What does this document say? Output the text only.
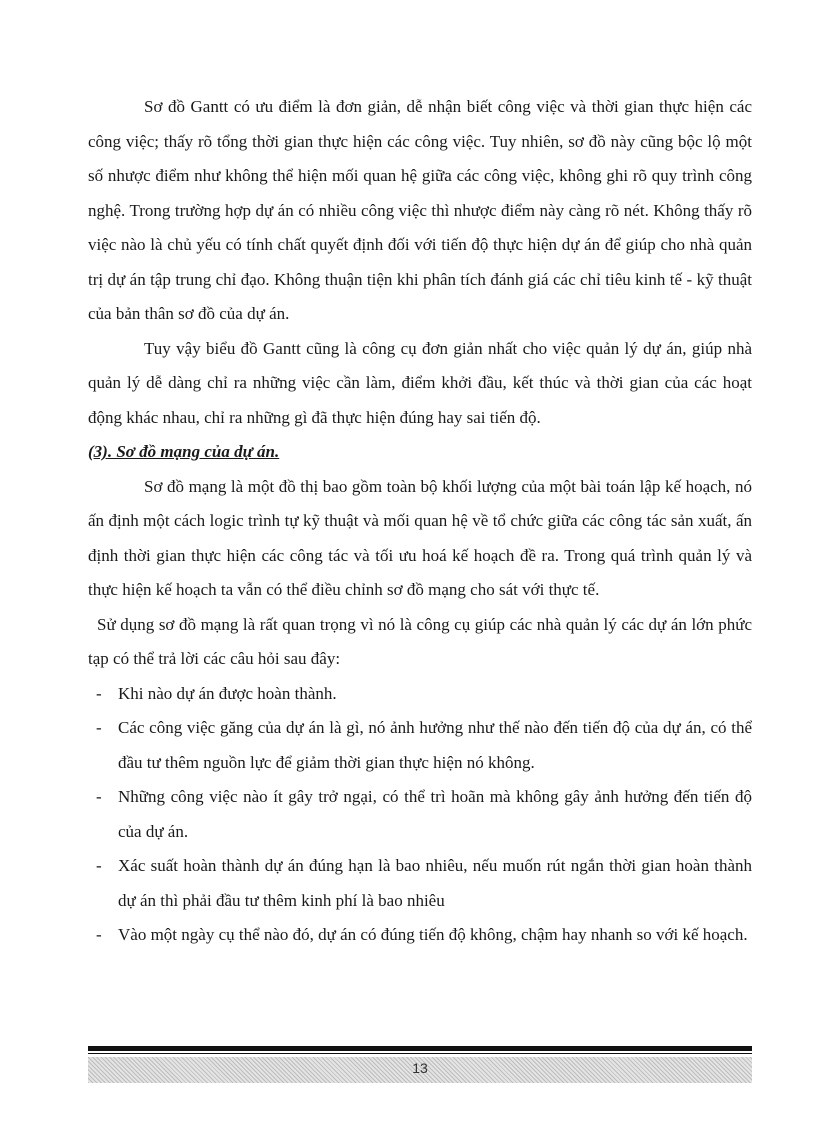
Sơ đồ Gantt có ưu điểm là đơn giản, dễ nhận biết công việc và thời gian thực hiện các công việc; thấy rõ tổng thời gian thực hiện các công việc. Tuy nhiên, sơ đồ này cũng bộc lộ một số nhược điểm như không thể hiện mối quan hệ giữa các công việc, không ghi rõ quy trình công nghệ. Trong trường hợp dự án có nhiều công việc thì nhược điểm này càng rõ nét. Không thấy rõ việc nào là chủ yếu có tính chất quyết định đối với tiến độ thực hiện dự án để giúp cho nhà quản trị dự án tập trung chỉ đạo. Không thuận tiện khi phân tích đánh giá các chỉ tiêu kinh tế - kỹ thuật của bản thân sơ đồ của dự án.

Tuy vậy biểu đồ Gantt cũng là công cụ đơn giản nhất cho việc quản lý dự án, giúp nhà quản lý dễ dàng chỉ ra những việc cần làm, điểm khởi đầu, kết thúc và thời gian của các hoạt động khác nhau, chỉ ra những gì đã thực hiện đúng hay sai tiến độ.

(3). Sơ đồ mạng của dự án.

Sơ đồ mạng là một đồ thị bao gồm toàn bộ khối lượng của một bài toán lập kế hoạch, nó ấn định một cách logic trình tự kỹ thuật và mối quan hệ về tổ chức giữa các công tác sản xuất, ấn định thời gian thực hiện các công tác và tối ưu hoá kế hoạch đề ra. Trong quá trình quản lý và thực hiện kế hoạch ta vẫn có thể điều chỉnh sơ đồ mạng cho sát với thực tế.

Sử dụng sơ đồ mạng là rất quan trọng vì nó là công cụ giúp các nhà quản lý các dự án lớn phức tạp có thể trả lời các câu hỏi sau đây:

- Khi nào dự án được hoàn thành.
- Các công việc găng của dự án là gì, nó ảnh hưởng như thế nào đến tiến độ của dự án, có thể đầu tư thêm nguồn lực để giảm thời gian thực hiện nó không.
- Những công việc nào ít gây trở ngại, có thể trì hoãn mà không gây ảnh hưởng đến tiến độ của dự án.
- Xác suất hoàn thành dự án đúng hạn là bao nhiêu, nếu muốn rút ngắn thời gian hoàn thành dự án thì phải đầu tư thêm kinh phí là bao nhiêu
- Vào một ngày cụ thể nào đó, dự án có đúng tiến độ không, chậm hay nhanh so với kế hoạch.
13
